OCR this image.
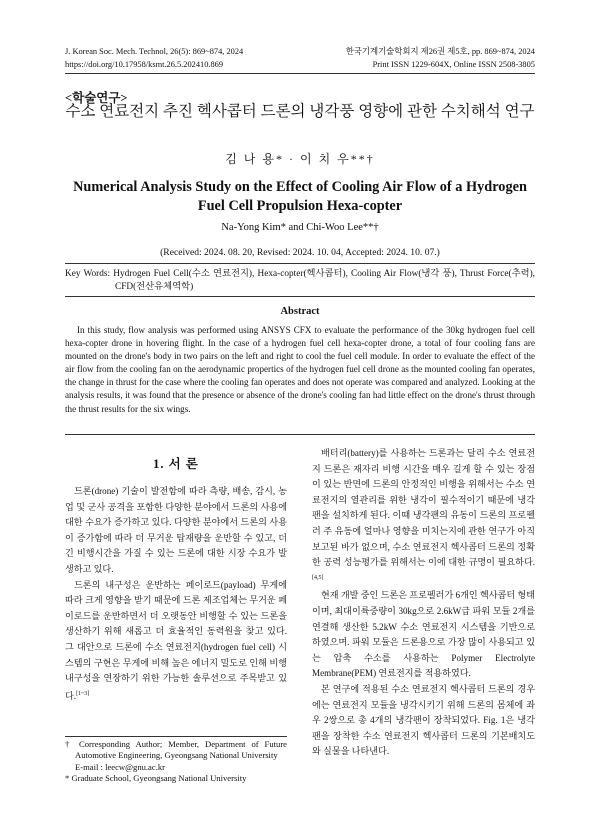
J. Korean Soc. Mech. Technol, 26(5): 869~874, 2024	한국기계기술학회지 제26권 제5호, pp. 869~874, 2024
https://doi.org/10.17958/ksmt.26.5.202410.869	Print ISSN 1229-604X, Online ISSN 2508-3805
<학술연구>
수소 연료전지 추진 헥사콥터 드론의 냉각풍 영향에 관한 수치해석 연구
김 나 용* · 이 치 우**†
Numerical Analysis Study on the Effect of Cooling Air Flow of a Hydrogen Fuel Cell Propulsion Hexa-copter
Na-Yong Kim* and Chi-Woo Lee**†
(Received: 2024. 08. 20, Revised: 2024. 10. 04, Accepted: 2024. 10. 07.)
Key Words: Hydrogen Fuel Cell(수소 연료전지), Hexa-copter(헥사콥터), Cooling Air Flow(냉각 풍), Thrust Force(추력), CFD(전산유체역학)
Abstract
In this study, flow analysis was performed using ANSYS CFX to evaluate the performance of the 30kg hydrogen fuel cell hexa-copter drone in hovering flight. In the case of a hydrogen fuel cell hexa-copter drone, a total of four cooling fans are mounted on the drone's body in two pairs on the left and right to cool the fuel cell module. In order to evaluate the effect of the air flow from the cooling fan on the aerodynamic propertics of the hydrogen fuel cell drone as the mounted cooling fan operates, the change in thrust for the case where the cooling fan operates and does not operate was compared and analyzed. Looking at the analysis results, it was found that the presence or absence of the drone's cooling fan had little effect on the drone's thrust through the thrust results for the six wings.
1. 서 론

드론(drone) 기술이 발전함에 따라 측량, 배송, 감시, 농업 및 군사 공격을 포함한 다양한 분야에서 드론의 사용에 대한 수요가 증가하고 있다. 다양한 분야에서 드론의 사용이 증가함에 따라 더 무거운 탑재량을 운반할 수 있고, 더 긴 비행시간을 가질 수 있는 드론에 대한 시장 수요가 발생하고 있다.

드론의 내구성은 운반하는 페이로드(payload) 무게에 따라 크게 영향을 받기 때문에 드론 제조업체는 무거운 페이로드를 운반하면서 더 오랫동안 비행할 수 있는 드론을 생산하기 위해 새롭고 더 효율적인 동력원을 찾고 있다. 그 대안으로 드론에 수소 연료전지(hydrogen fuel cell) 시스템의 구현은 무게에 비해 높은 에너지 밀도로 인해 비행 내구성을 연장하기 위한 가능한 솔루션으로 주목받고 있다.[1~3]

배터리(battery)를 사용하는 드론과는 달리 수소 연료전지 드론은 재자리 비행 시간을 매우 길게 할 수 있는 장점이 있는 반면에 드론의 안정적인 비행을 위해서는 수소 연료전지의 열관리를 위한 냉각이 필수적이기 때문에 냉각팬을 설치하게 된다. 이때 냉각팬의 유동이 드론의 프로펠러 주 유동에 얼마나 영향을 미치는지에 관한 연구가 아직 보고된 바가 없으며, 수소 연료전지 헥사콥터 드론의 정확한 공력 성능평가를 위해서는 이에 대한 규명이 필요하다.[4,5]

현재 개발 중인 드론은 프로펠러가 6개인 헥사콥터 형태이며, 최대이륙중량이 30kg으로 2.6kW급 파워 모듈 2개를 연결해 생산한 5.2kW 수소 연료전지 시스템을 기반으로 하였으며. 파워 모듈은 드론용으로 가장 많이 사용되고 있는 압축 수소를 사용하는 Polymer Electrolyte Membrane(PEM) 연료전지를 적용하였다.

본 연구에 적용된 수소 연료전지 헥사콥터 드론의 경우에는 연료전지 모듈을 냉각시키기 위해 드론의 몸체에 좌우 2쌍으로 총 4개의 냉각팬이 장착되었다. Fig. 1은 냉각팬을 장착한 수소 연료전지 헥사콥터 드론의 기본배치도와 실물을 나타낸다.

† Corresponding Author; Member, Department of Future Automotive Engineering, Gyeongsang National University
E-mail : leecw@gnu.ac.kr
* Graduate School, Gyeongsang National University
